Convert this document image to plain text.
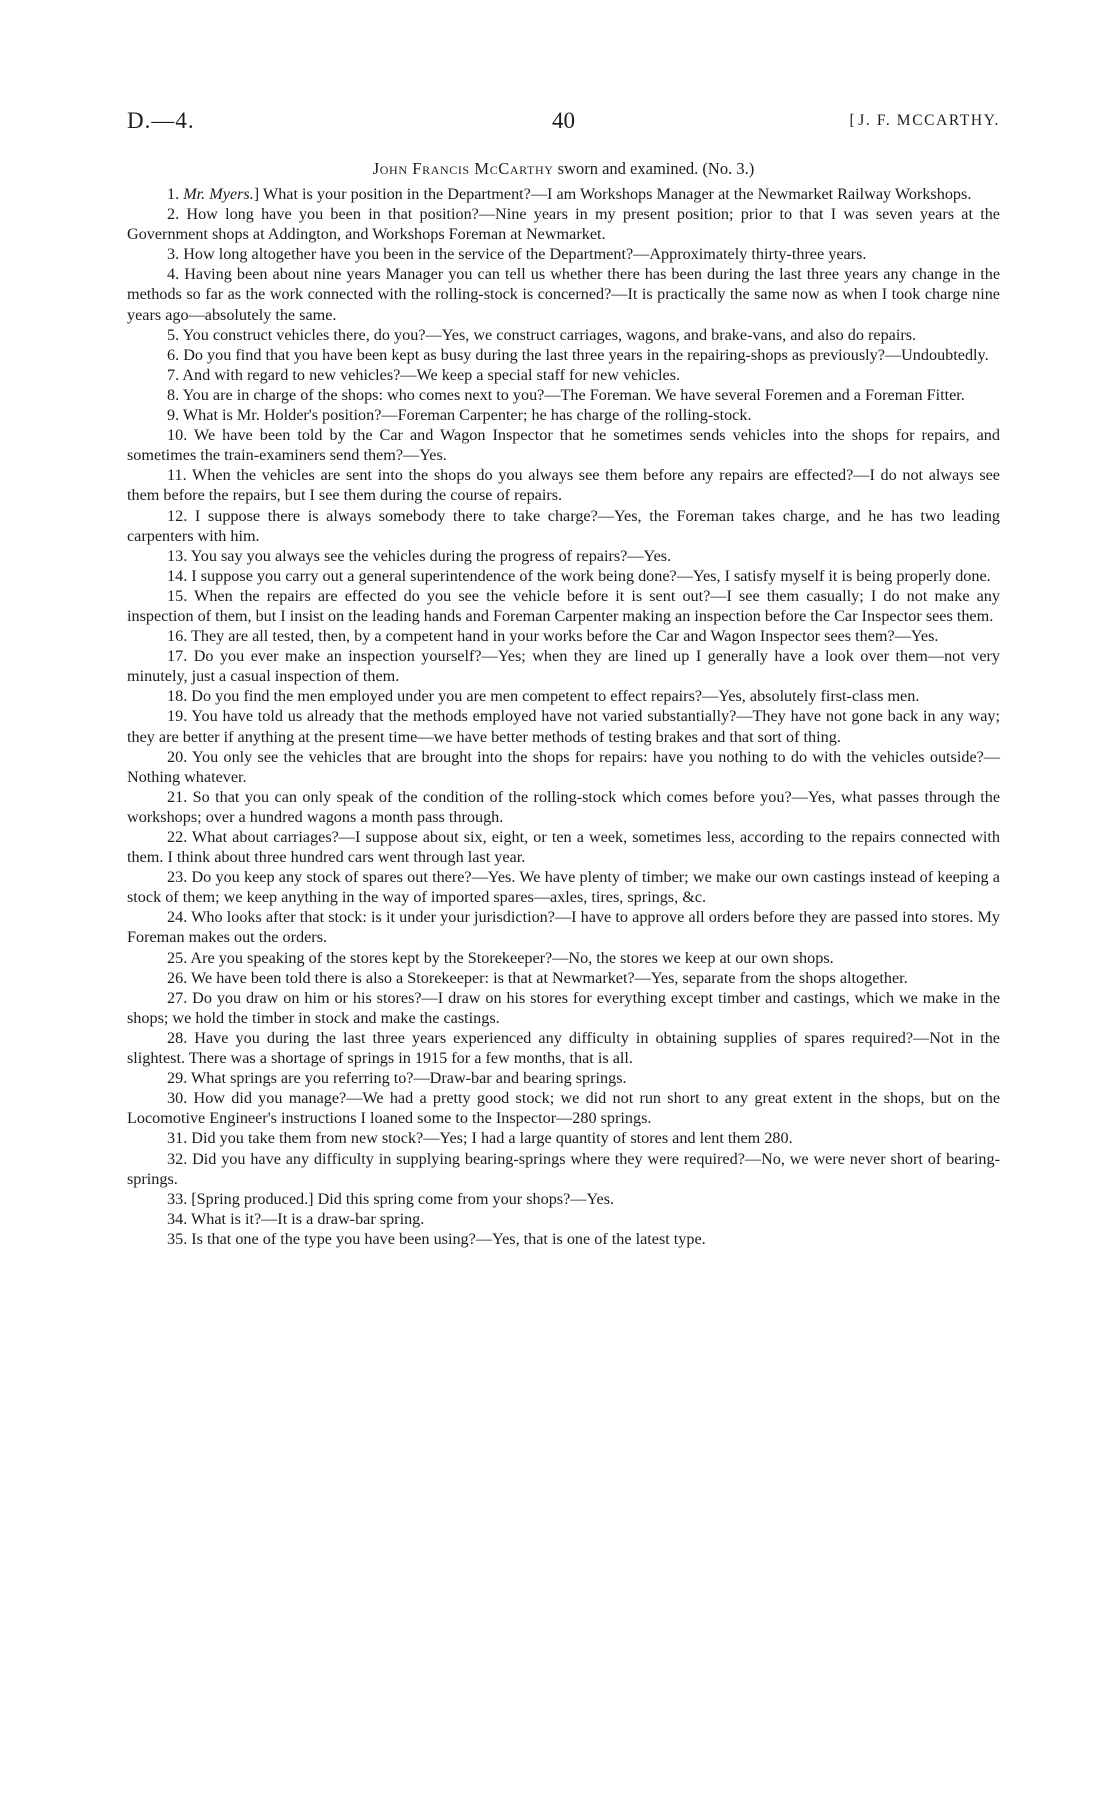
D.—4.	40	[ J. F. MCCARTHY.
John Francis McCarthy sworn and examined. (No. 3.)

1. Mr. Myers.] What is your position in the Department?—I am Workshops Manager at the Newmarket Railway Workshops.

2. How long have you been in that position?—Nine years in my present position; prior to that I was seven years at the Government shops at Addington, and Workshops Foreman at Newmarket.

3. How long altogether have you been in the service of the Department?—Approximately thirty-three years.

4. Having been about nine years Manager you can tell us whether there has been during the last three years any change in the methods so far as the work connected with the rolling-stock is concerned?—It is practically the same now as when I took charge nine years ago—absolutely the same.

5. You construct vehicles there, do you?—Yes, we construct carriages, wagons, and brake-vans, and also do repairs.

6. Do you find that you have been kept as busy during the last three years in the repairing-shops as previously?—Undoubtedly.

7. And with regard to new vehicles?—We keep a special staff for new vehicles.

8. You are in charge of the shops: who comes next to you?—The Foreman. We have several Foremen and a Foreman Fitter.

9. What is Mr. Holder's position?—Foreman Carpenter; he has charge of the rolling-stock.

10. We have been told by the Car and Wagon Inspector that he sometimes sends vehicles into the shops for repairs, and sometimes the train-examiners send them?—Yes.

11. When the vehicles are sent into the shops do you always see them before any repairs are effected?—I do not always see them before the repairs, but I see them during the course of repairs.

12. I suppose there is always somebody there to take charge?—Yes, the Foreman takes charge, and he has two leading carpenters with him.

13. You say you always see the vehicles during the progress of repairs?—Yes.

14. I suppose you carry out a general superintendence of the work being done?—Yes, I satisfy myself it is being properly done.

15. When the repairs are effected do you see the vehicle before it is sent out?—I see them casually; I do not make any inspection of them, but I insist on the leading hands and Foreman Carpenter making an inspection before the Car Inspector sees them.

16. They are all tested, then, by a competent hand in your works before the Car and Wagon Inspector sees them?—Yes.

17. Do you ever make an inspection yourself?—Yes; when they are lined up I generally have a look over them—not very minutely, just a casual inspection of them.

18. Do you find the men employed under you are men competent to effect repairs?—Yes, absolutely first-class men.

19. You have told us already that the methods employed have not varied substantially?—They have not gone back in any way; they are better if anything at the present time—we have better methods of testing brakes and that sort of thing.

20. You only see the vehicles that are brought into the shops for repairs: have you nothing to do with the vehicles outside?—Nothing whatever.

21. So that you can only speak of the condition of the rolling-stock which comes before you?—Yes, what passes through the workshops; over a hundred wagons a month pass through.

22. What about carriages?—I suppose about six, eight, or ten a week, sometimes less, according to the repairs connected with them. I think about three hundred cars went through last year.

23. Do you keep any stock of spares out there?—Yes. We have plenty of timber; we make our own castings instead of keeping a stock of them; we keep anything in the way of imported spares—axles, tires, springs, &c.

24. Who looks after that stock: is it under your jurisdiction?—I have to approve all orders before they are passed into stores. My Foreman makes out the orders.

25. Are you speaking of the stores kept by the Storekeeper?—No, the stores we keep at our own shops.

26. We have been told there is also a Storekeeper: is that at Newmarket?—Yes, separate from the shops altogether.

27. Do you draw on him or his stores?—I draw on his stores for everything except timber and castings, which we make in the shops; we hold the timber in stock and make the castings.

28. Have you during the last three years experienced any difficulty in obtaining supplies of spares required?—Not in the slightest. There was a shortage of springs in 1915 for a few months, that is all.

29. What springs are you referring to?—Draw-bar and bearing springs.

30. How did you manage?—We had a pretty good stock; we did not run short to any great extent in the shops, but on the Locomotive Engineer's instructions I loaned some to the Inspector—280 springs.

31. Did you take them from new stock?—Yes; I had a large quantity of stores and lent them 280.

32. Did you have any difficulty in supplying bearing-springs where they were required?—No, we were never short of bearing-springs.

33. [Spring produced.] Did this spring come from your shops?—Yes.

34. What is it?—It is a draw-bar spring.

35. Is that one of the type you have been using?—Yes, that is one of the latest type.
